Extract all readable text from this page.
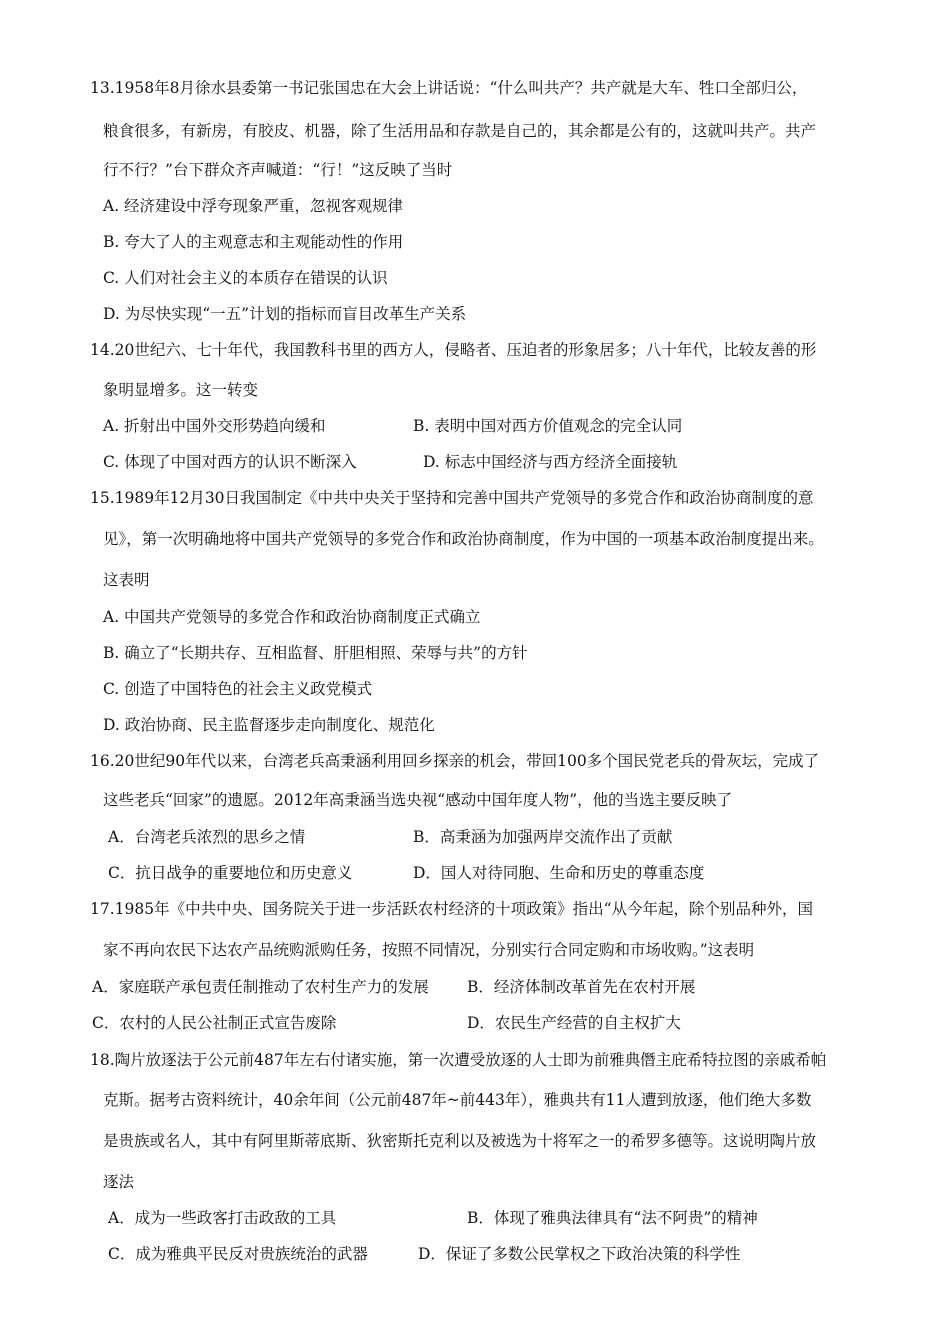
13.1958年8月徐水县委第一书记张国忠在大会上讲话说：“什么叫共产？共产就是大车、牲口全部归公，
粮食很多，有新房，有胶皮、机器，除了生活用品和存款是自己的，其余都是公有的，这就叫共产。共产
行不行？”台下群众齐声喊道：“行！”这反映了当时
A. 经济建设中浮夸现象严重，忽视客观规律
B. 夸大了人的主观意志和主观能动性的作用
C. 人们对社会主义的本质存在错误的认识
D. 为尽快实现“一五”计划的指标而盲目改革生产关系
14.20世纪六、七十年代，我国教科书里的西方人，侵略者、压迫者的形象居多；八十年代，比较友善的形
象明显增多。这一转变
A. 折射出中国外交形势趋向缓和	B. 表明中国对西方价值观念的完全认同
C. 体现了中国对西方的认识不断深入	D. 标志中国经济与西方经济全面接轨
15.1989年12月30日我国制定《中共中央关于坚持和完善中国共产党领导的多党合作和政治协商制度的意
见》，第一次明确地将中国共产党领导的多党合作和政治协商制度，作为中国的一项基本政治制度提出来。
这表明
A. 中国共产党领导的多党合作和政治协商制度正式确立
B. 确立了“长期共存、互相监督、肝胆相照、荣辱与共”的方针
C. 创造了中国特色的社会主义政党模式
D. 政治协商、民主监督逐步走向制度化、规范化
16.20世纪90年代以来，台湾老兵高秉涵利用回乡探亲的机会，带回100多个国民党老兵的骨灰坛，完成了
这些老兵“回家”的遗愿。2012年高秉涵当选央视“感动中国年度人物”，他的当选主要反映了
A．台湾老兵浓烈的思乡之情	B．高秉涵为加强两岸交流作出了贡献
C．抗日战争的重要地位和历史意义	D．国人对待同胞、生命和历史的尊重态度
17.1985年《中共中央、国务院关于进一步活跃农村经济的十项政策》指出“从今年起，除个别品种外，国
家不再向农民下达农产品统购派购任务，按照不同情况，分别实行合同定购和市场收购。”这表明
A．家庭联产承包责任制推动了农村生产力的发展 B．经济体制改革首先在农村开展
C．农村的人民公社制正式宣告废除	D．农民生产经营的自主权扩大
18.陶片放逐法于公元前487年左右付诸实施，第一次遭受放逐的人士即为前雅典僭主庇希特拉图的亲戚希帕
克斯。据考古资料统计，40余年间（公元前487年~前443年），雅典共有11人遭到放逐，他们绝大多数
是贵族或名人，其中有阿里斯蒂底斯、狄密斯托克利以及被选为十将军之一的希罗多德等。这说明陶片放
逐法
A．成为一些政客打击政敌的工具	B．体现了雅典法律具有“法不阿贵”的精神
C．成为雅典平民反对贵族统治的武器	D．保证了多数公民掌权之下政治决策的科学性
